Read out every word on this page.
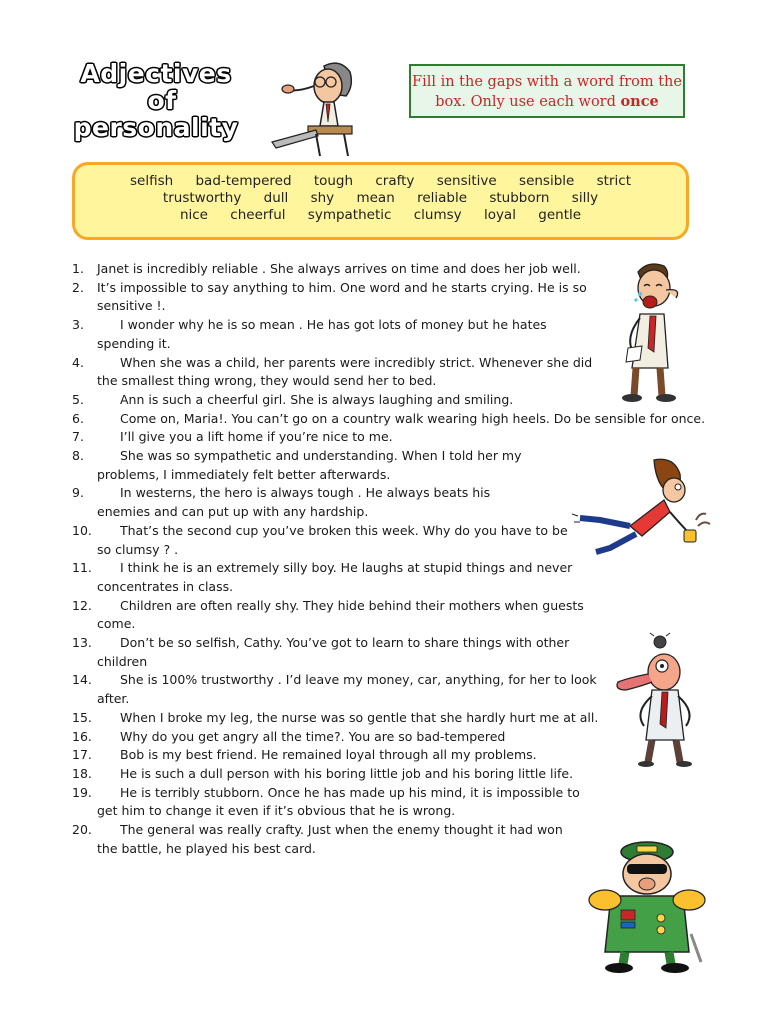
Adjectives
of
personality
Fill in the gaps with a word from the box. Only use each word once
selfish bad-tempered tough crafty sensitive sensible strict
trustworthy dull shy mean reliable stubborn silly
nice cheerful sympathetic clumsy loyal gentle
1. Janet is incredibly reliable . She always arrives on time and does her job well.
2. It’s impossible to say anything to him. One word and he starts crying. He is so sensitive !.
3.	I wonder why he is so mean . He has got lots of money but he hates spending it.
4.	When she was a child, her parents were incredibly strict. Whenever she did the smallest thing wrong, they would send her to bed.
5.	Ann is such a cheerful girl. She is always laughing and smiling.
6.	Come on, Maria!. You can’t go on a country walk wearing high heels. Do be sensible for once.
7.	I’ll give you a lift home if you’re nice to me.
8.	She was so sympathetic and understanding. When I told her my problems, I immediately felt better afterwards.
9.	In westerns, the hero is always tough . He always beats his enemies and can put up with any hardship.
10.	That’s the second cup you’ve broken this week. Why do you have to be so clumsy ? .
11.	I think he is an extremely silly boy. He laughs at stupid things and never concentrates in class.
12.	Children are often really shy. They hide behind their mothers when guests come.
13.	Don’t be so selfish, Cathy. You’ve got to learn to share things with other children
14.	She is 100% trustworthy . I’d leave my money, car, anything, for her to look after.
15.	When I broke my leg, the nurse was so gentle that she hardly hurt me at all.
16.	Why do you get angry all the time?. You are so bad-tempered
17.	Bob is my best friend. He remained loyal through all my problems.
18.	He is such a dull person with his boring little job and his boring little life.
19.	He is terribly stubborn. Once he has made up his mind, it is impossible to get him to change it even if it’s obvious that he is wrong.
20.	The general was really crafty. Just when the enemy thought it had won the battle, he played his best card.
